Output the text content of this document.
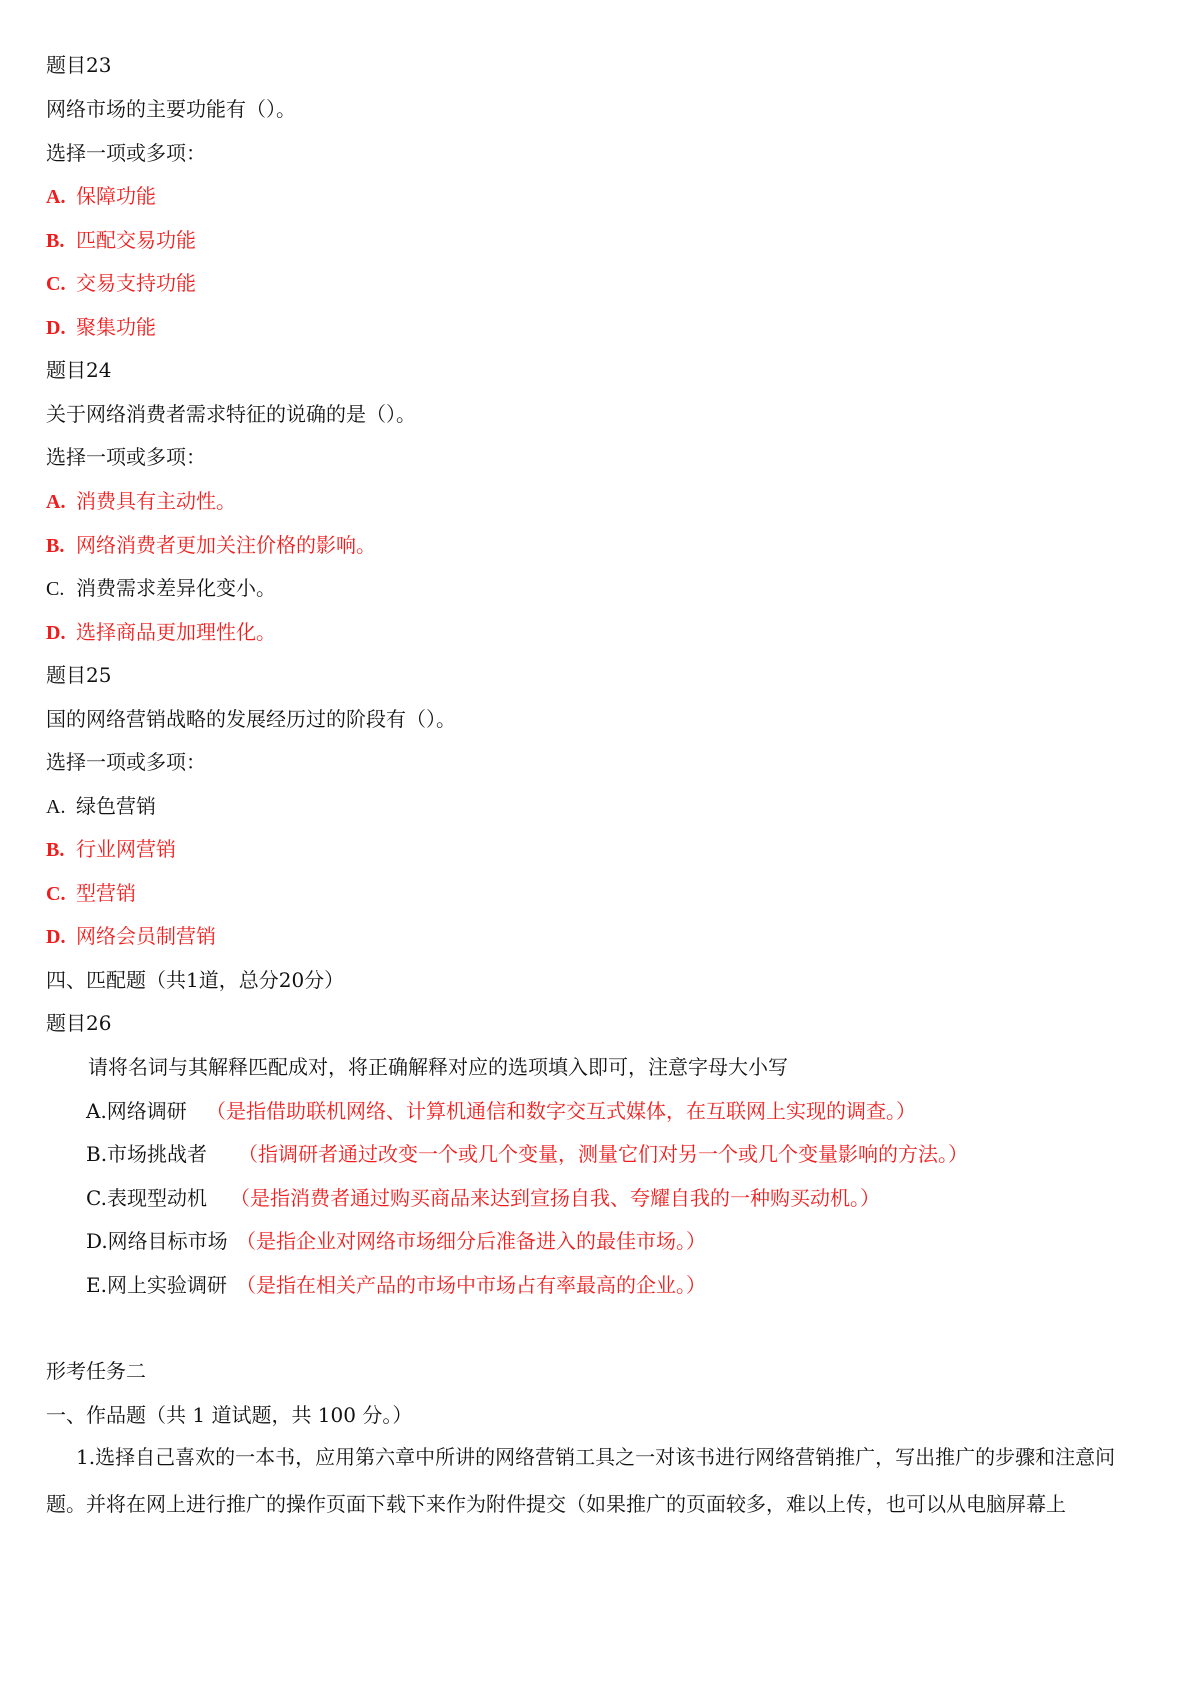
题目23
网络市场的主要功能有（）。
选择一项或多项：
A. 保障功能
B. 匹配交易功能
C. 交易支持功能
D. 聚集功能
题目24
关于网络消费者需求特征的说确的是（）。
选择一项或多项：
A. 消费具有主动性。
B. 网络消费者更加关注价格的影响。
C. 消费需求差异化变小。
D. 选择商品更加理性化。
题目25
国的网络营销战略的发展经历过的阶段有（）。
选择一项或多项：
A. 绿色营销
B. 行业网营销
C. 型营销
D. 网络会员制营销
四、匹配题（共1道，总分20分）
题目26
请将名词与其解释匹配成对，将正确解释对应的选项填入即可，注意字母大小写
A.网络调研 （是指借助联机网络、计算机通信和数字交互式媒体，在互联网上实现的调查。）
B.市场挑战者 （指调研者通过改变一个或几个变量，测量它们对另一个或几个变量影响的方法。）
C.表现型动机 （是指消费者通过购买商品来达到宣扬自我、夸耀自我的一种购买动机。）
D.网络目标市场 （是指企业对网络市场细分后准备进入的最佳市场。）
E.网上实验调研 （是指在相关产品的市场中市场占有率最高的企业。）
形考任务二
一、作品题（共 1 道试题，共 100 分。）
1.选择自己喜欢的一本书，应用第六章中所讲的网络营销工具之一对该书进行网络营销推广，写出推广的步骤和注意问题。并将在网上进行推广的操作页面下载下来作为附件提交（如果推广的页面较多，难以上传，也可以从电脑屏幕上
